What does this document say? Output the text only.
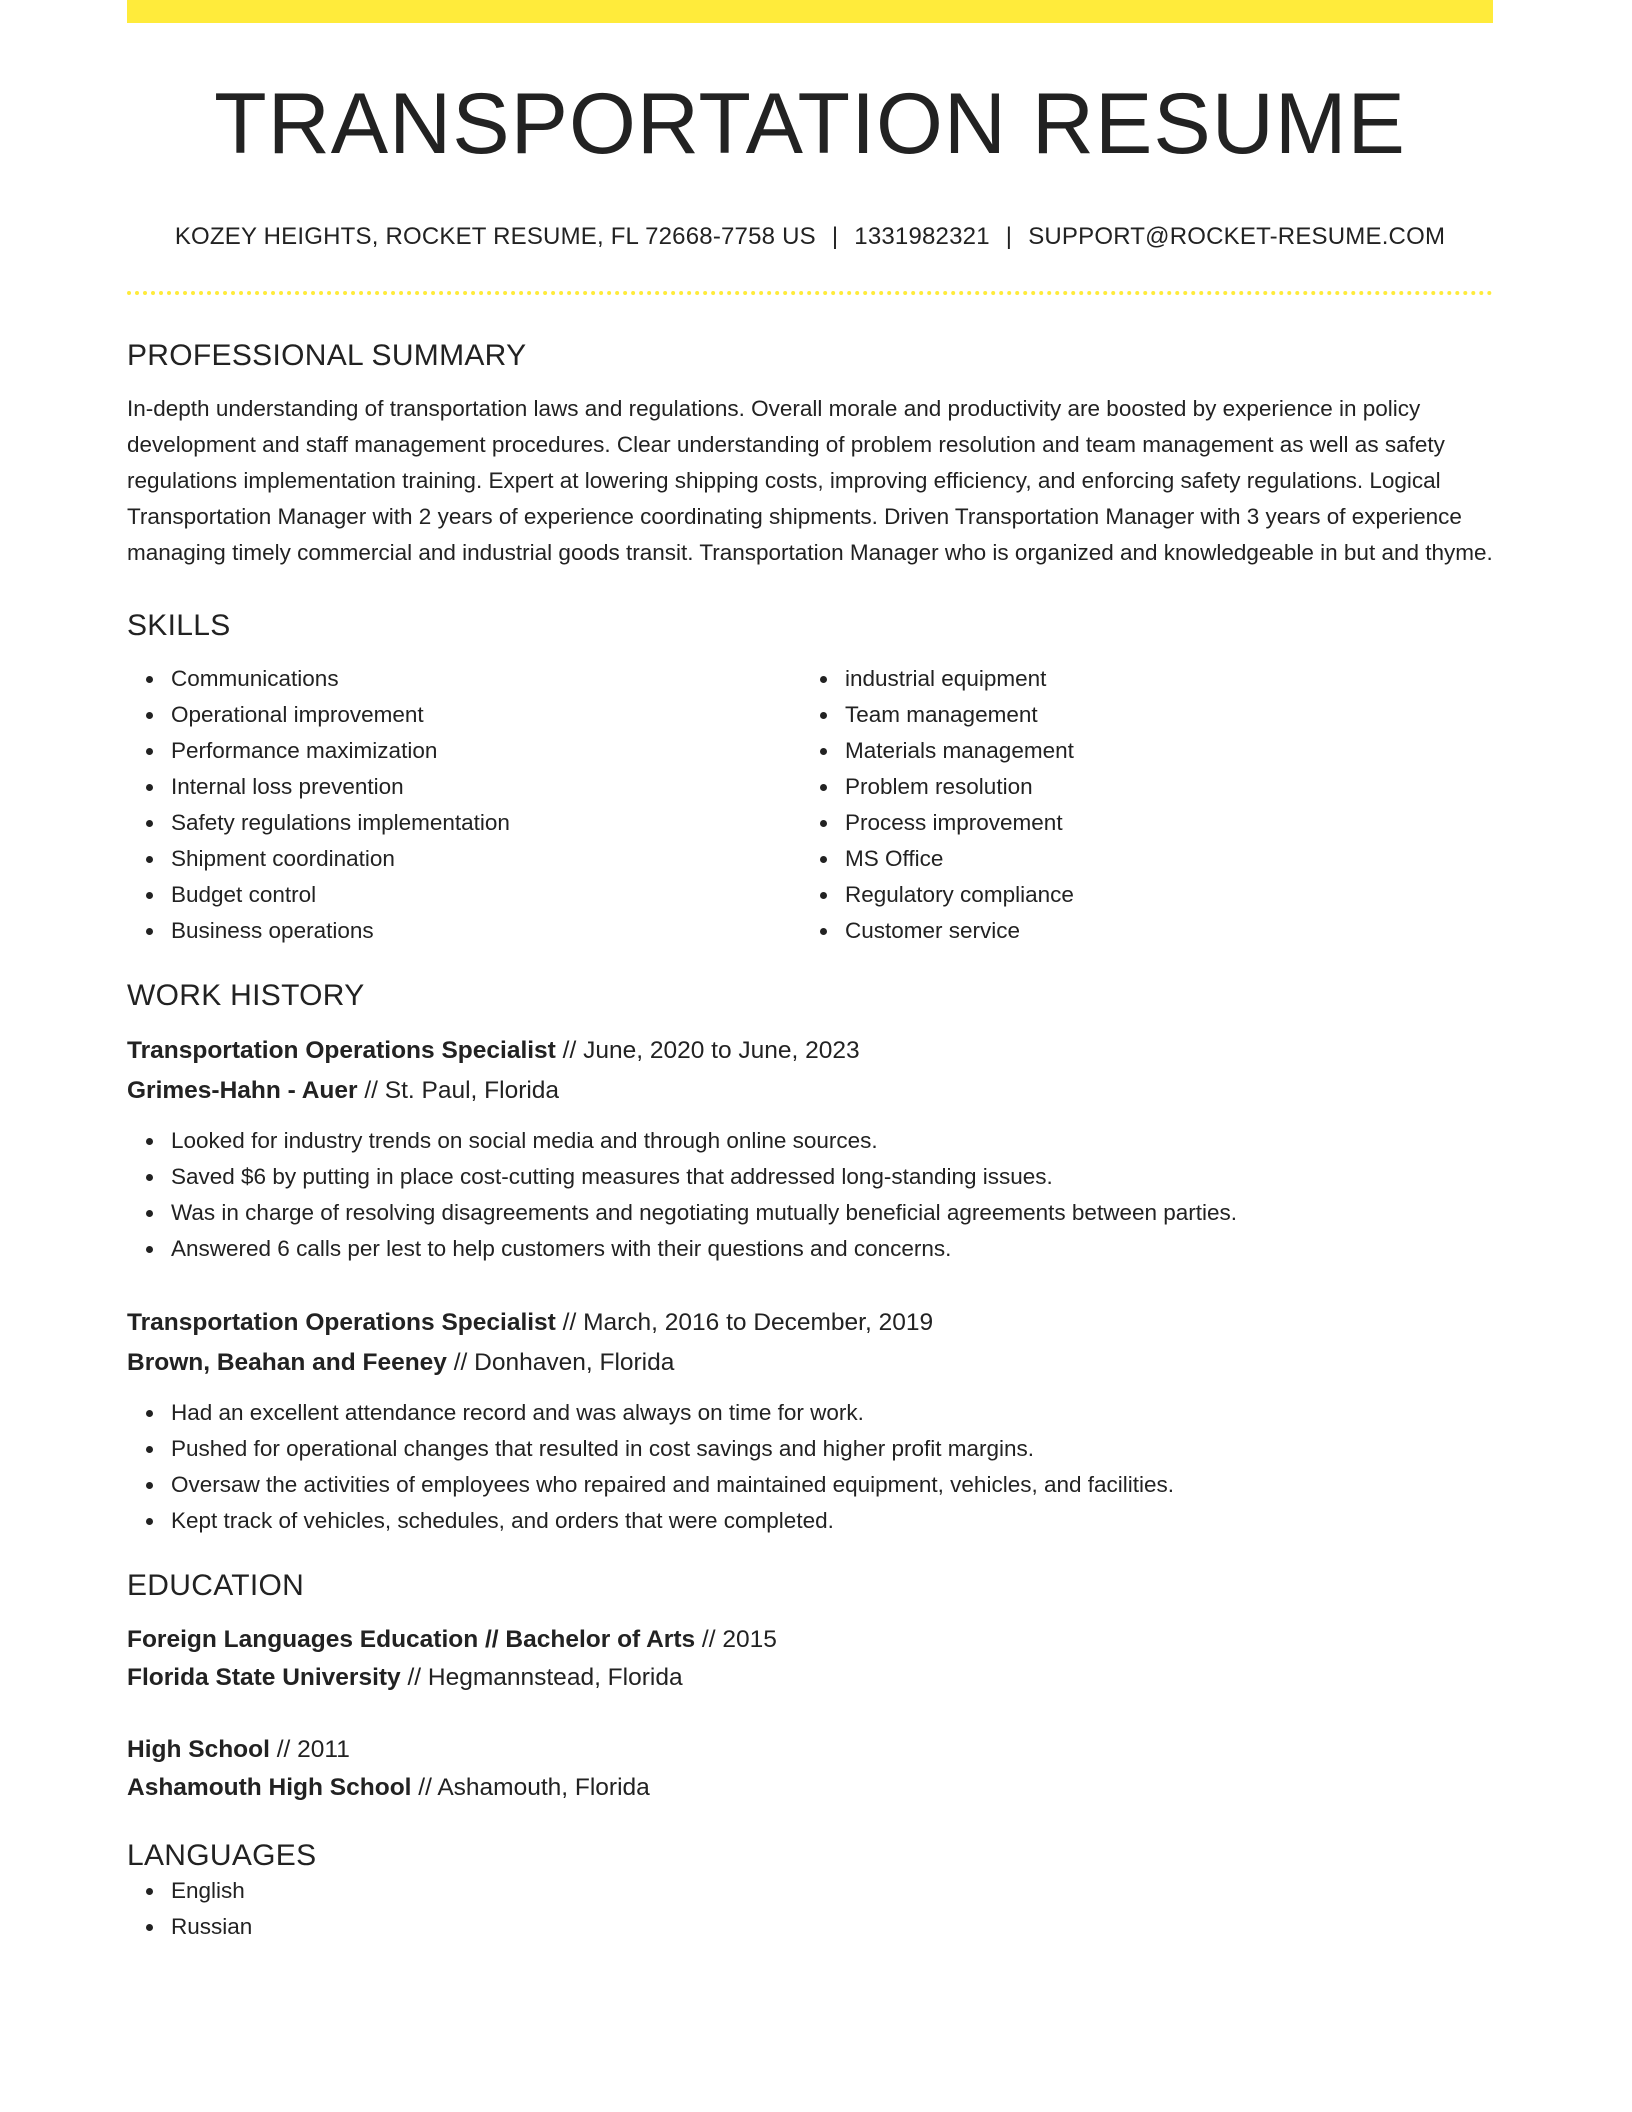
TRANSPORTATION RESUME
KOZEY HEIGHTS, ROCKET RESUME, FL 72668-7758 US | 1331982321 | SUPPORT@ROCKET-RESUME.COM
PROFESSIONAL SUMMARY

In-depth understanding of transportation laws and regulations. Overall morale and productivity are boosted by experience in policy development and staff management procedures. Clear understanding of problem resolution and team management as well as safety regulations implementation training. Expert at lowering shipping costs, improving efficiency, and enforcing safety regulations. Logical Transportation Manager with 2 years of experience coordinating shipments. Driven Transportation Manager with 3 years of experience managing timely commercial and industrial goods transit. Transportation Manager who is organized and knowledgeable in but and thyme.

SKILLS
Communications
Operational improvement
Performance maximization
Internal loss prevention
Safety regulations implementation
Shipment coordination
Budget control
Business operations
industrial equipment
Team management
Materials management
Problem resolution
Process improvement
MS Office
Regulatory compliance
Customer service
WORK HISTORY
Transportation Operations Specialist // June, 2020 to June, 2023
Grimes-Hahn - Auer // St. Paul, Florida
Looked for industry trends on social media and through online sources.
Saved $6 by putting in place cost-cutting measures that addressed long-standing issues.
Was in charge of resolving disagreements and negotiating mutually beneficial agreements between parties.
Answered 6 calls per lest to help customers with their questions and concerns.
Transportation Operations Specialist // March, 2016 to December, 2019
Brown, Beahan and Feeney // Donhaven, Florida
Had an excellent attendance record and was always on time for work.
Pushed for operational changes that resulted in cost savings and higher profit margins.
Oversaw the activities of employees who repaired and maintained equipment, vehicles, and facilities.
Kept track of vehicles, schedules, and orders that were completed.
EDUCATION
Foreign Languages Education // Bachelor of Arts // 2015
Florida State University // Hegmannstead, Florida
High School // 2011
Ashamouth High School // Ashamouth, Florida
LANGUAGES
English
Russian
